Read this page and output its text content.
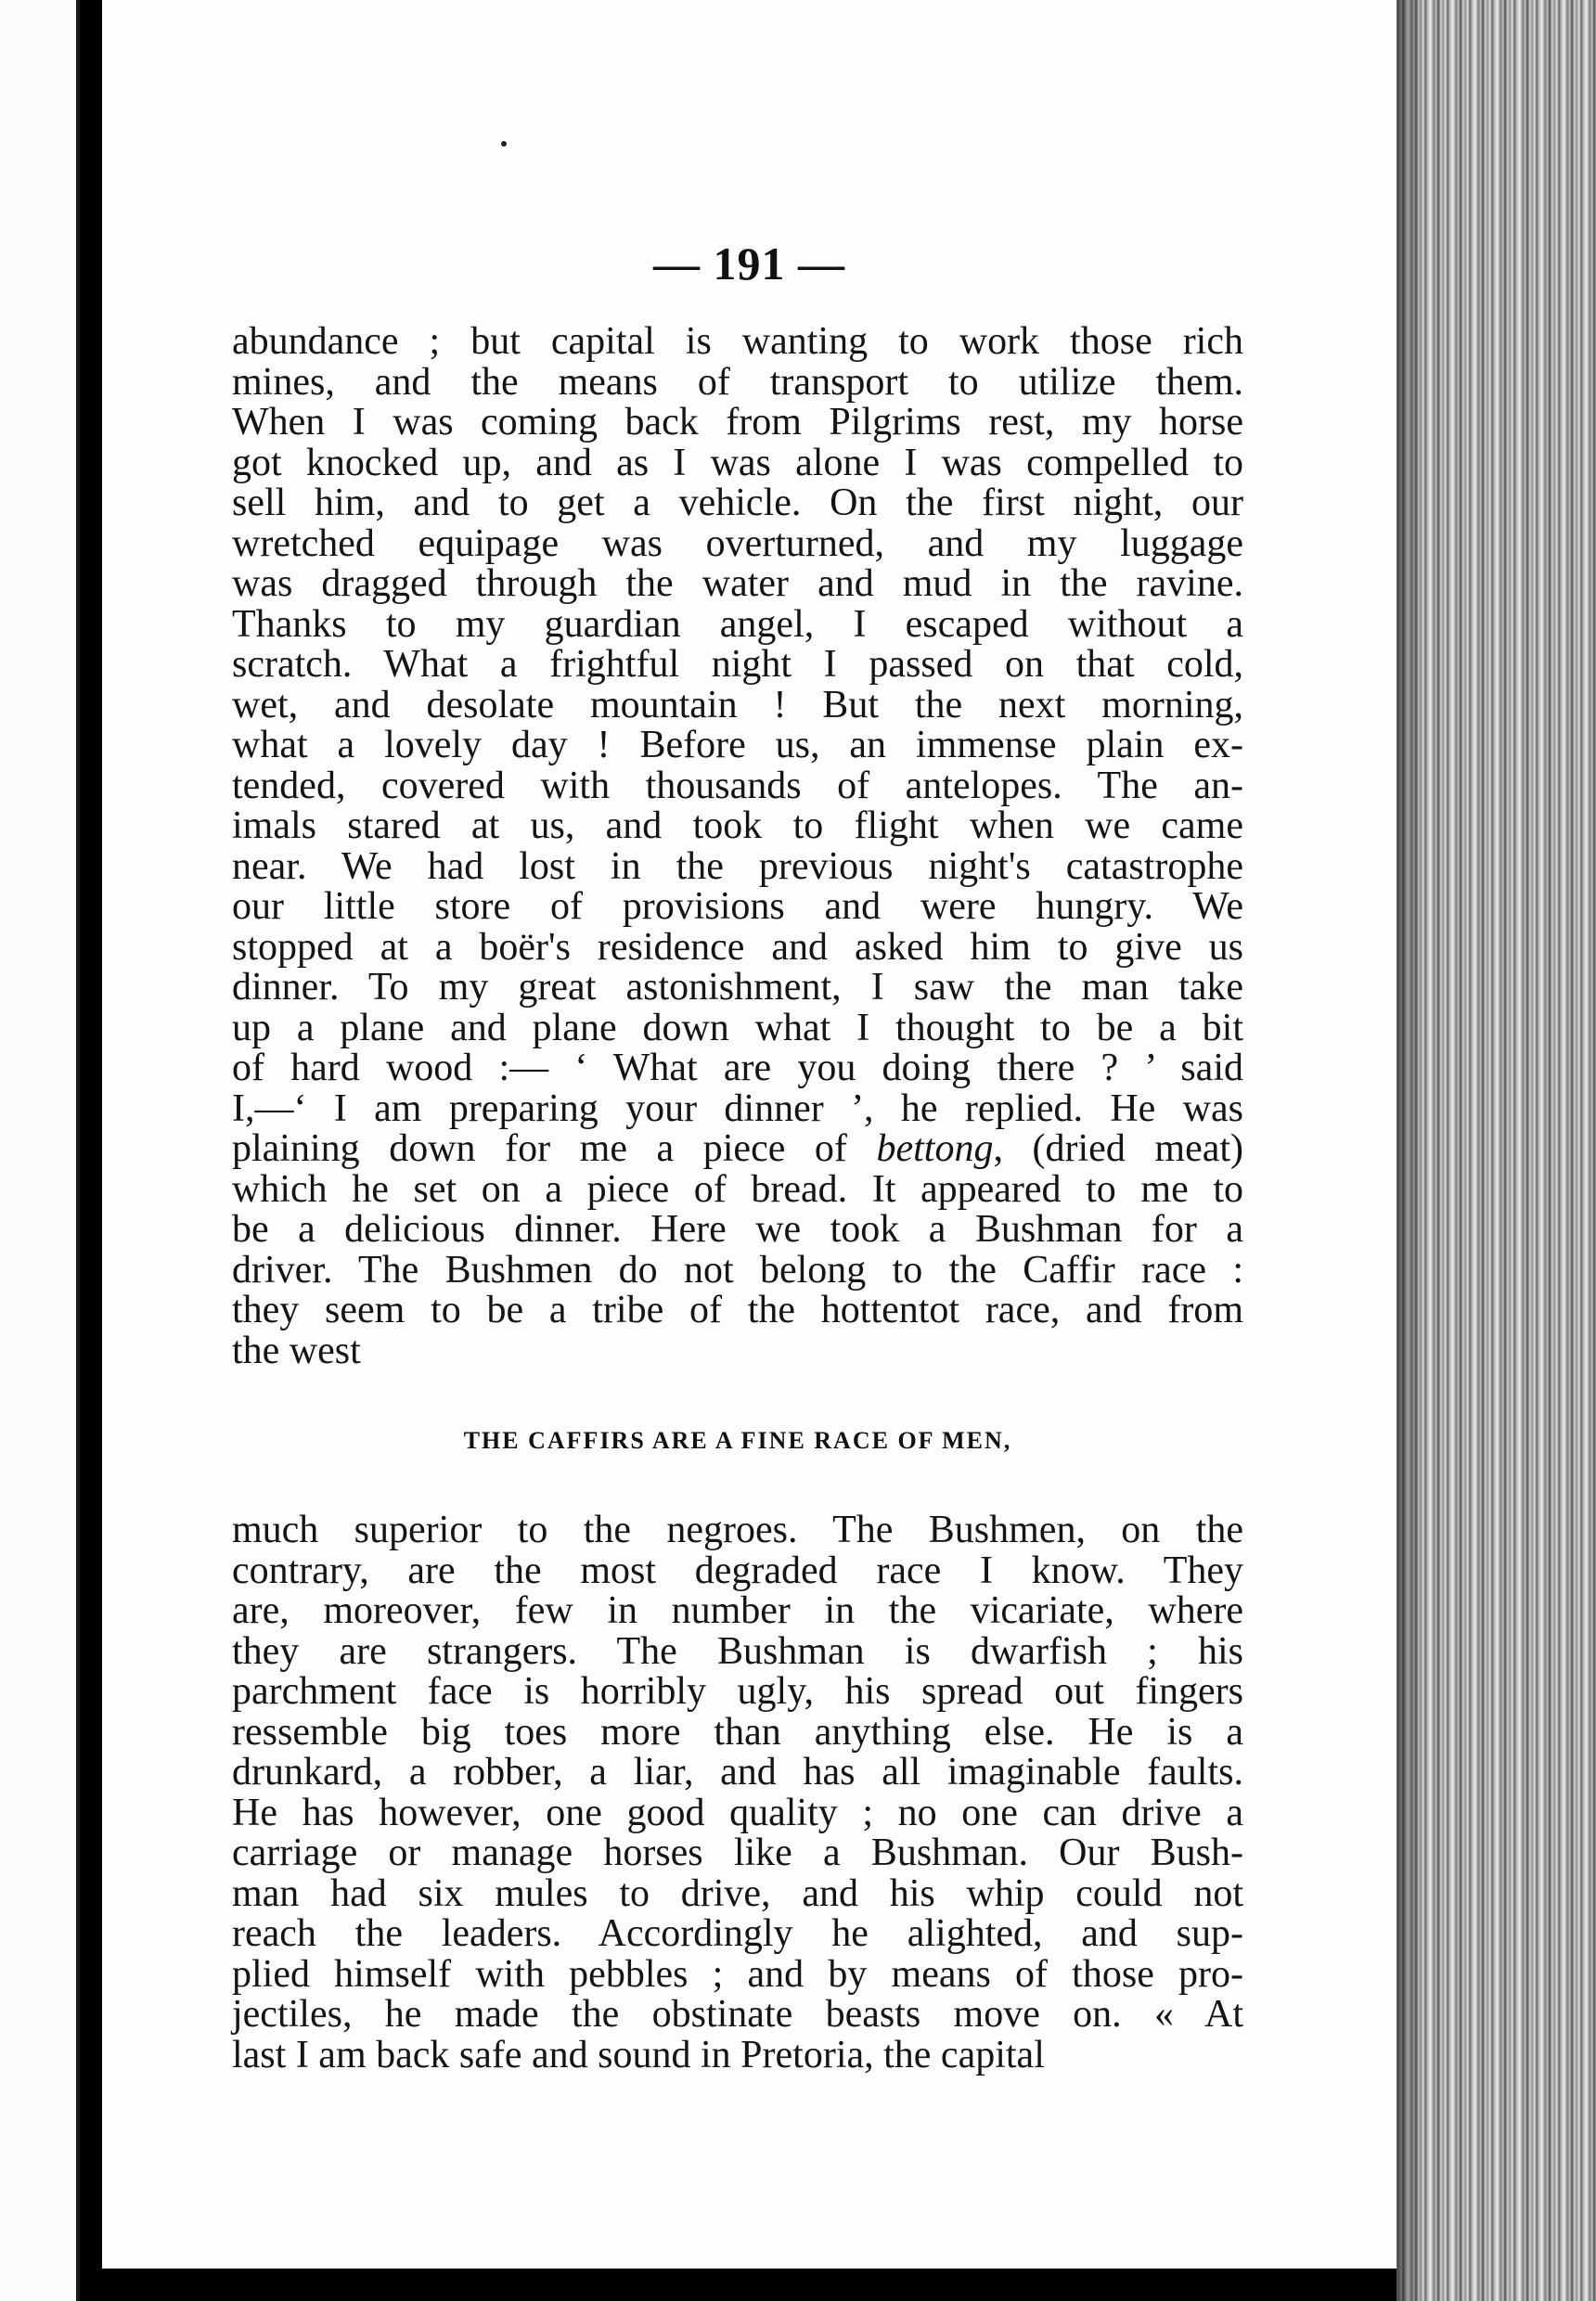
— 191 —

abundance ; but capital is wanting to work those rich

mines, and the means of transport to utilize them.

When I was coming back from Pilgrims rest, my horse

got knocked up, and as I was alone I was compelled to

sell him, and to get a vehicle. On the first night, our

wretched equipage was overturned, and my luggage

was dragged through the water and mud in the ravine.

Thanks to my guardian angel, I escaped without a

scratch. What a frightful night I passed on that cold,

wet, and desolate mountain ! But the next morning,

what a lovely day ! Before us, an immense plain ex-

tended, covered with thousands of antelopes. The an-

imals stared at us, and took to flight when we came

near. We had lost in the previous night's catastrophe

our little store of provisions and were hungry. We

stopped at a boër's residence and asked him to give us

dinner. To my great astonishment, I saw the man take

up a plane and plane down what I thought to be a bit

of hard wood :— ‘ What are you doing there ? ’ said

I,—‘ I am preparing your dinner ’, he replied. He was

plaining down for me a piece of bettong, (dried meat)

which he set on a piece of bread. It appeared to me to

be a delicious dinner. Here we took a Bushman for a

driver. The Bushmen do not belong to the Caffir race :

they seem to be a tribe of the hottentot race, and from

the west

THE CAFFIRS ARE A FINE RACE OF MEN,

much superior to the negroes. The Bushmen, on the

contrary, are the most degraded race I know. They

are, moreover, few in number in the vicariate, where

they are strangers. The Bushman is dwarfish ; his

parchment face is horribly ugly, his spread out fingers

ressemble big toes more than anything else. He is a

drunkard, a robber, a liar, and has all imaginable faults.

He has however, one good quality ; no one can drive a

carriage or manage horses like a Bushman. Our Bush-

man had six mules to drive, and his whip could not

reach the leaders. Accordingly he alighted, and sup-

plied himself with pebbles ; and by means of those pro-

jectiles, he made the obstinate beasts move on. « At

last I am back safe and sound in Pretoria, the capital
